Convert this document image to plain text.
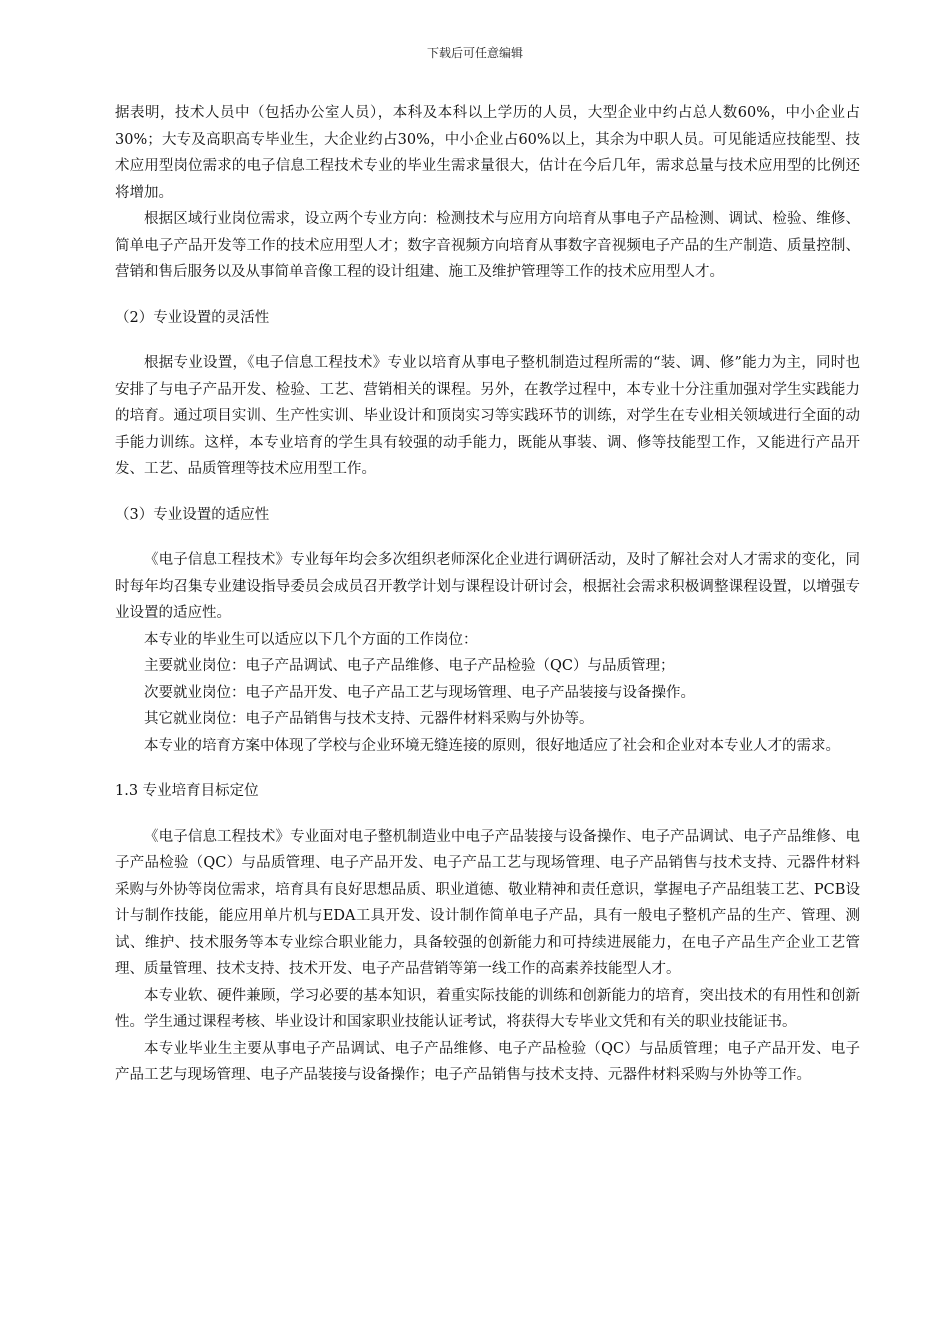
下载后可任意编辑

据表明，技术人员中（包括办公室人员），本科及本科以上学历的人员，大型企业中约占总人数60%，中小企业占30%；大专及高职高专毕业生，大企业约占30%，中小企业占60%以上，其余为中职人员。可见能适应技能型、技术应用型岗位需求的电子信息工程技术专业的毕业生需求量很大，估计在今后几年，需求总量与技术应用型的比例还将增加。

根据区域行业岗位需求，设立两个专业方向：检测技术与应用方向培育从事电子产品检测、调试、检验、维修、简单电子产品开发等工作的技术应用型人才；数字音视频方向培育从事数字音视频电子产品的生产制造、质量控制、营销和售后服务以及从事简单音像工程的设计组建、施工及维护管理等工作的技术应用型人才。

（2）专业设置的灵活性

根据专业设置，《电子信息工程技术》专业以培育从事电子整机制造过程所需的“装、调、修”能力为主，同时也安排了与电子产品开发、检验、工艺、营销相关的课程。另外，在教学过程中，本专业十分注重加强对学生实践能力的培育。通过项目实训、生产性实训、毕业设计和顶岗实习等实践环节的训练，对学生在专业相关领域进行全面的动手能力训练。这样，本专业培育的学生具有较强的动手能力，既能从事装、调、修等技能型工作，又能进行产品开发、工艺、品质管理等技术应用型工作。

（3）专业设置的适应性

《电子信息工程技术》专业每年均会多次组织老师深化企业进行调研活动，及时了解社会对人才需求的变化，同时每年均召集专业建设指导委员会成员召开教学计划与课程设计研讨会，根据社会需求积极调整课程设置，以增强专业设置的适应性。

本专业的毕业生可以适应以下几个方面的工作岗位：

主要就业岗位：电子产品调试、电子产品维修、电子产品检验（QC）与品质管理；

次要就业岗位：电子产品开发、电子产品工艺与现场管理、电子产品装接与设备操作。

其它就业岗位：电子产品销售与技术支持、元器件材料采购与外协等。

本专业的培育方案中体现了学校与企业环境无缝连接的原则，很好地适应了社会和企业对本专业人才的需求。

1.3 专业培育目标定位

《电子信息工程技术》专业面对电子整机制造业中电子产品装接与设备操作、电子产品调试、电子产品维修、电子产品检验（QC）与品质管理、电子产品开发、电子产品工艺与现场管理、电子产品销售与技术支持、元器件材料采购与外协等岗位需求，培育具有良好思想品质、职业道德、敬业精神和责任意识，掌握电子产品组装工艺、PCB设计与制作技能，能应用单片机与EDA工具开发、设计制作简单电子产品，具有一般电子整机产品的生产、管理、测试、维护、技术服务等本专业综合职业能力，具备较强的创新能力和可持续进展能力，在电子产品生产企业工艺管理、质量管理、技术支持、技术开发、电子产品营销等第一线工作的高素养技能型人才。

本专业软、硬件兼顾，学习必要的基本知识，着重实际技能的训练和创新能力的培育，突出技术的有用性和创新性。学生通过课程考核、毕业设计和国家职业技能认证考试，将获得大专毕业文凭和有关的职业技能证书。

本专业毕业生主要从事电子产品调试、电子产品维修、电子产品检验（QC）与品质管理；电子产品开发、电子产品工艺与现场管理、电子产品装接与设备操作；电子产品销售与技术支持、元器件材料采购与外协等工作。
